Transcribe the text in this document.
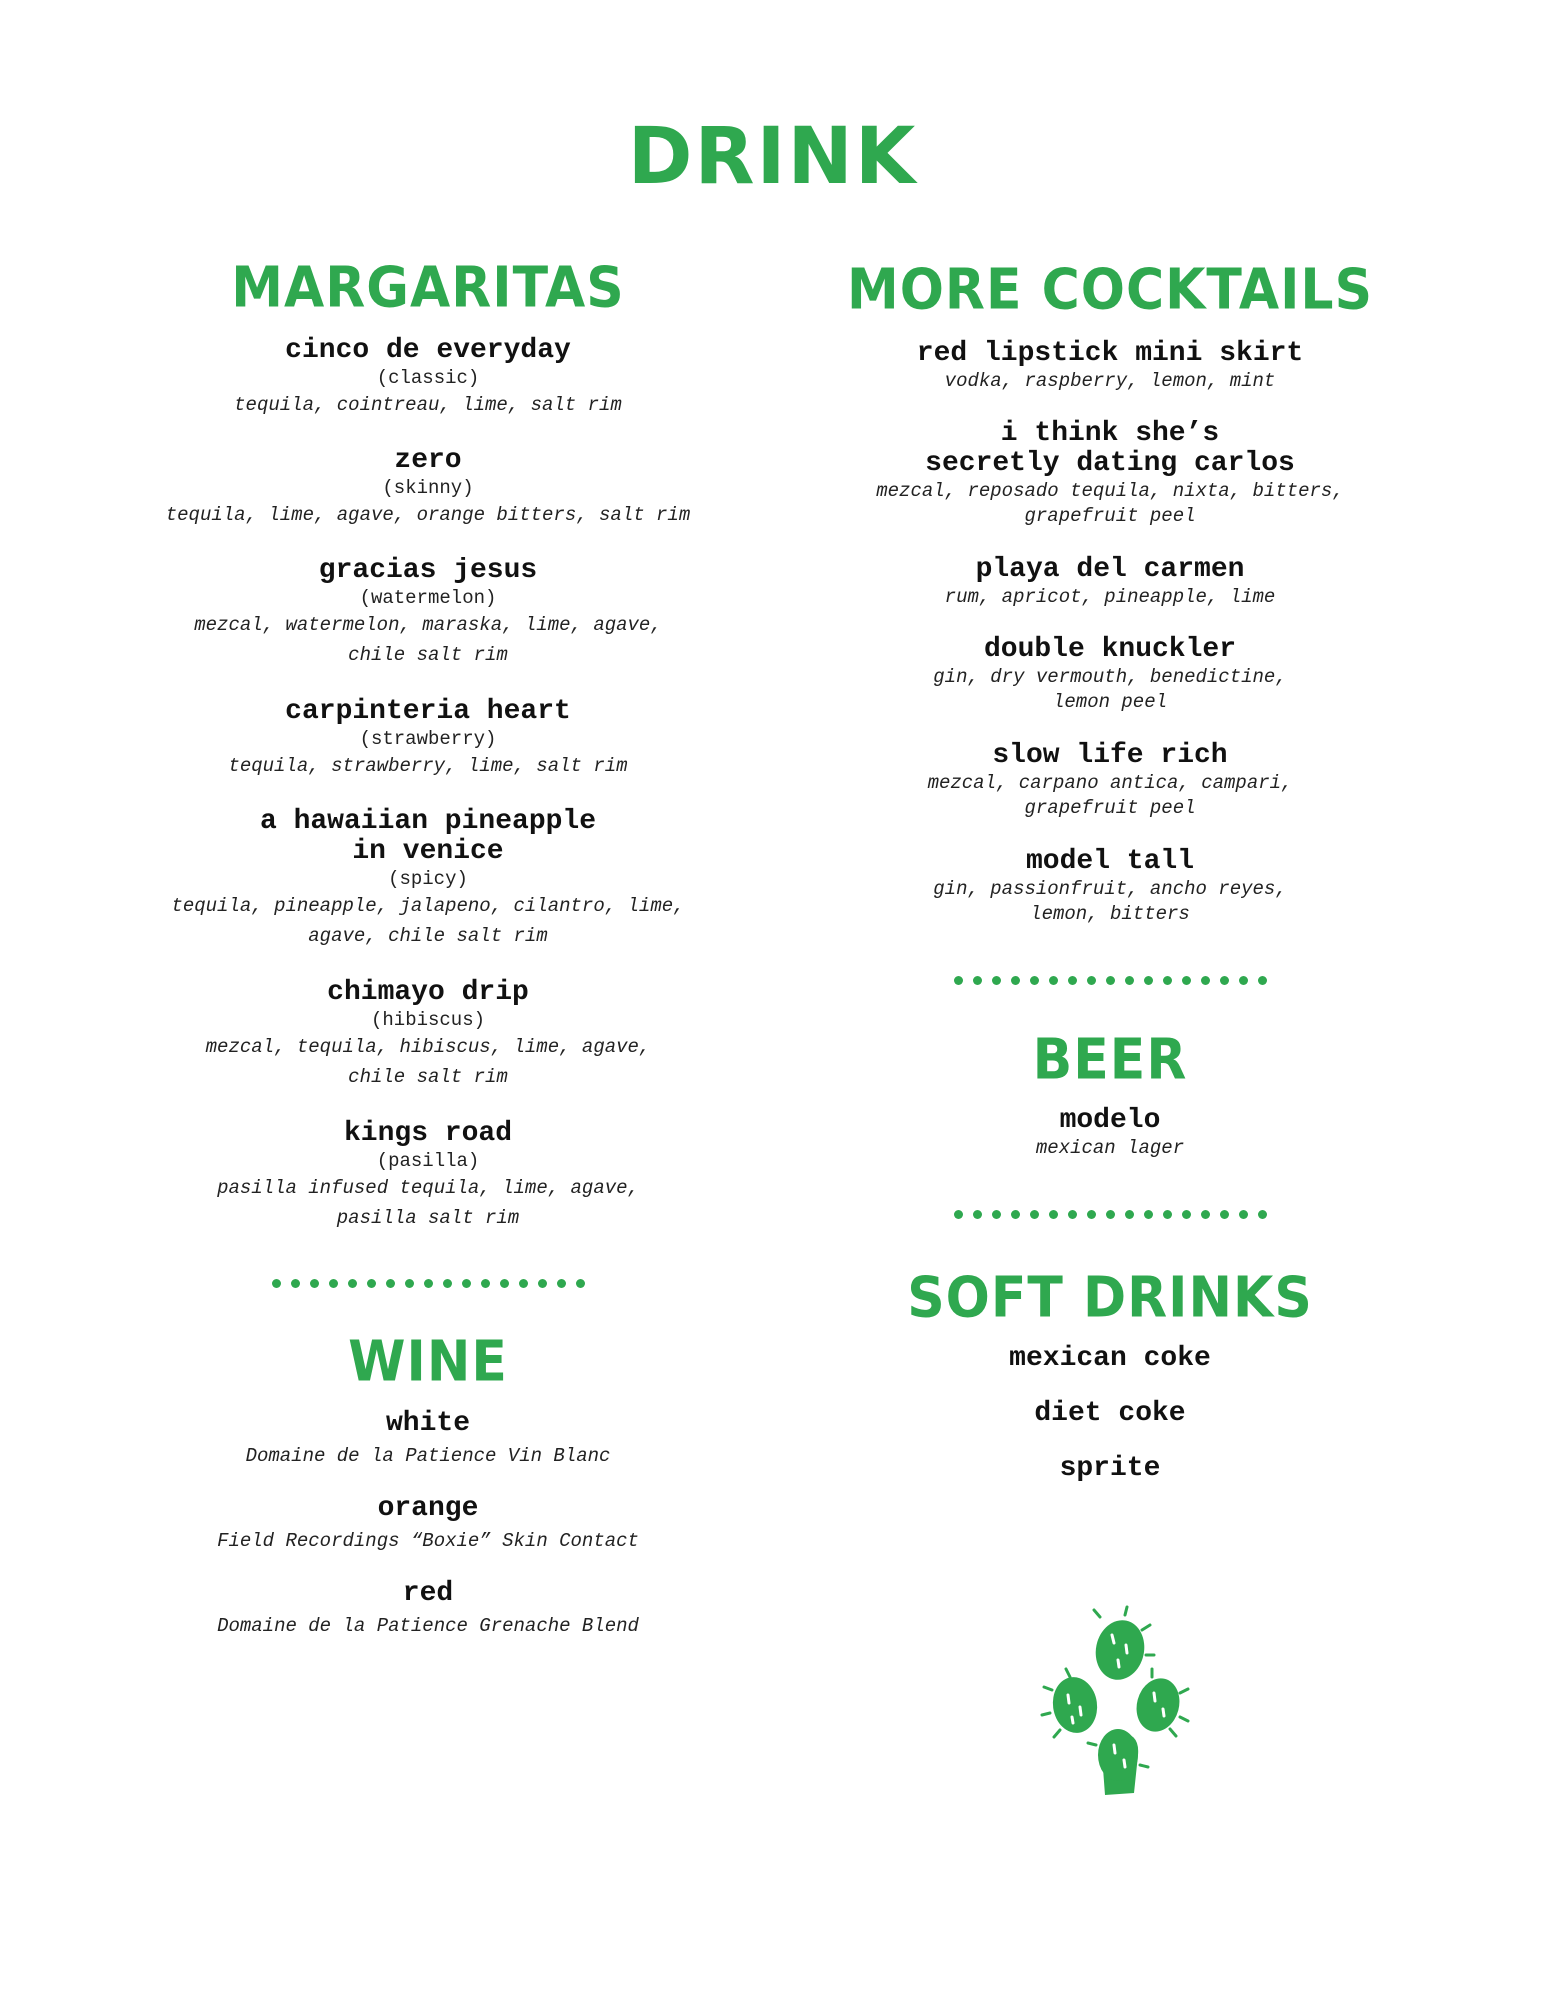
DRINK
MARGARITAS
cinco de everyday
(classic)
tequila, cointreau, lime, salt rim
zero
(skinny)
tequila, lime, agave, orange bitters, salt rim
gracias jesus
(watermelon)
mezcal, watermelon, maraska, lime, agave,
chile salt rim
carpinteria heart
(strawberry)
tequila, strawberry, lime, salt rim
a hawaiian pineapple
in venice
(spicy)
tequila, pineapple, jalapeno, cilantro, lime,
agave, chile salt rim
chimayo drip
(hibiscus)
mezcal, tequila, hibiscus, lime, agave,
chile salt rim
kings road
(pasilla)
pasilla infused tequila, lime, agave,
pasilla salt rim
WINE
white
Domaine de la Patience Vin Blanc
orange
Field Recordings “Boxie” Skin Contact
red
Domaine de la Patience Grenache Blend
MORE COCKTAILS
red lipstick mini skirt
vodka, raspberry, lemon, mint
i think she’s
secretly dating carlos
mezcal, reposado tequila, nixta, bitters,
grapefruit peel
playa del carmen
rum, apricot, pineapple, lime
double knuckler
gin, dry vermouth, benedictine,
lemon peel
slow life rich
mezcal, carpano antica, campari,
grapefruit peel
model tall
gin, passionfruit, ancho reyes,
lemon, bitters
BEER
modelo
mexican lager
SOFT DRINKS
mexican coke
diet coke
sprite
